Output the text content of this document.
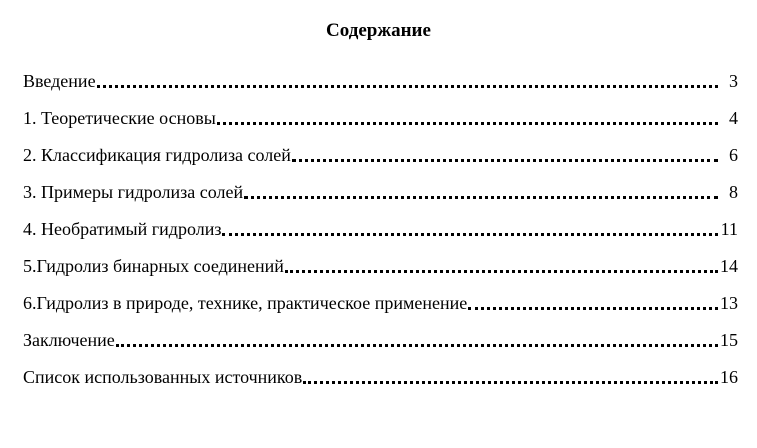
Содержание
Введение	3
1. Теоретические основы	4
2. Классификация гидролиза солей	6
3. Примеры гидролиза солей	8
4. Необратимый гидролиз	11
5.Гидролиз бинарных соединений	14
6.Гидролиз в природе, технике, практическое применение	13
Заключение	15
Список использованных источников	16
